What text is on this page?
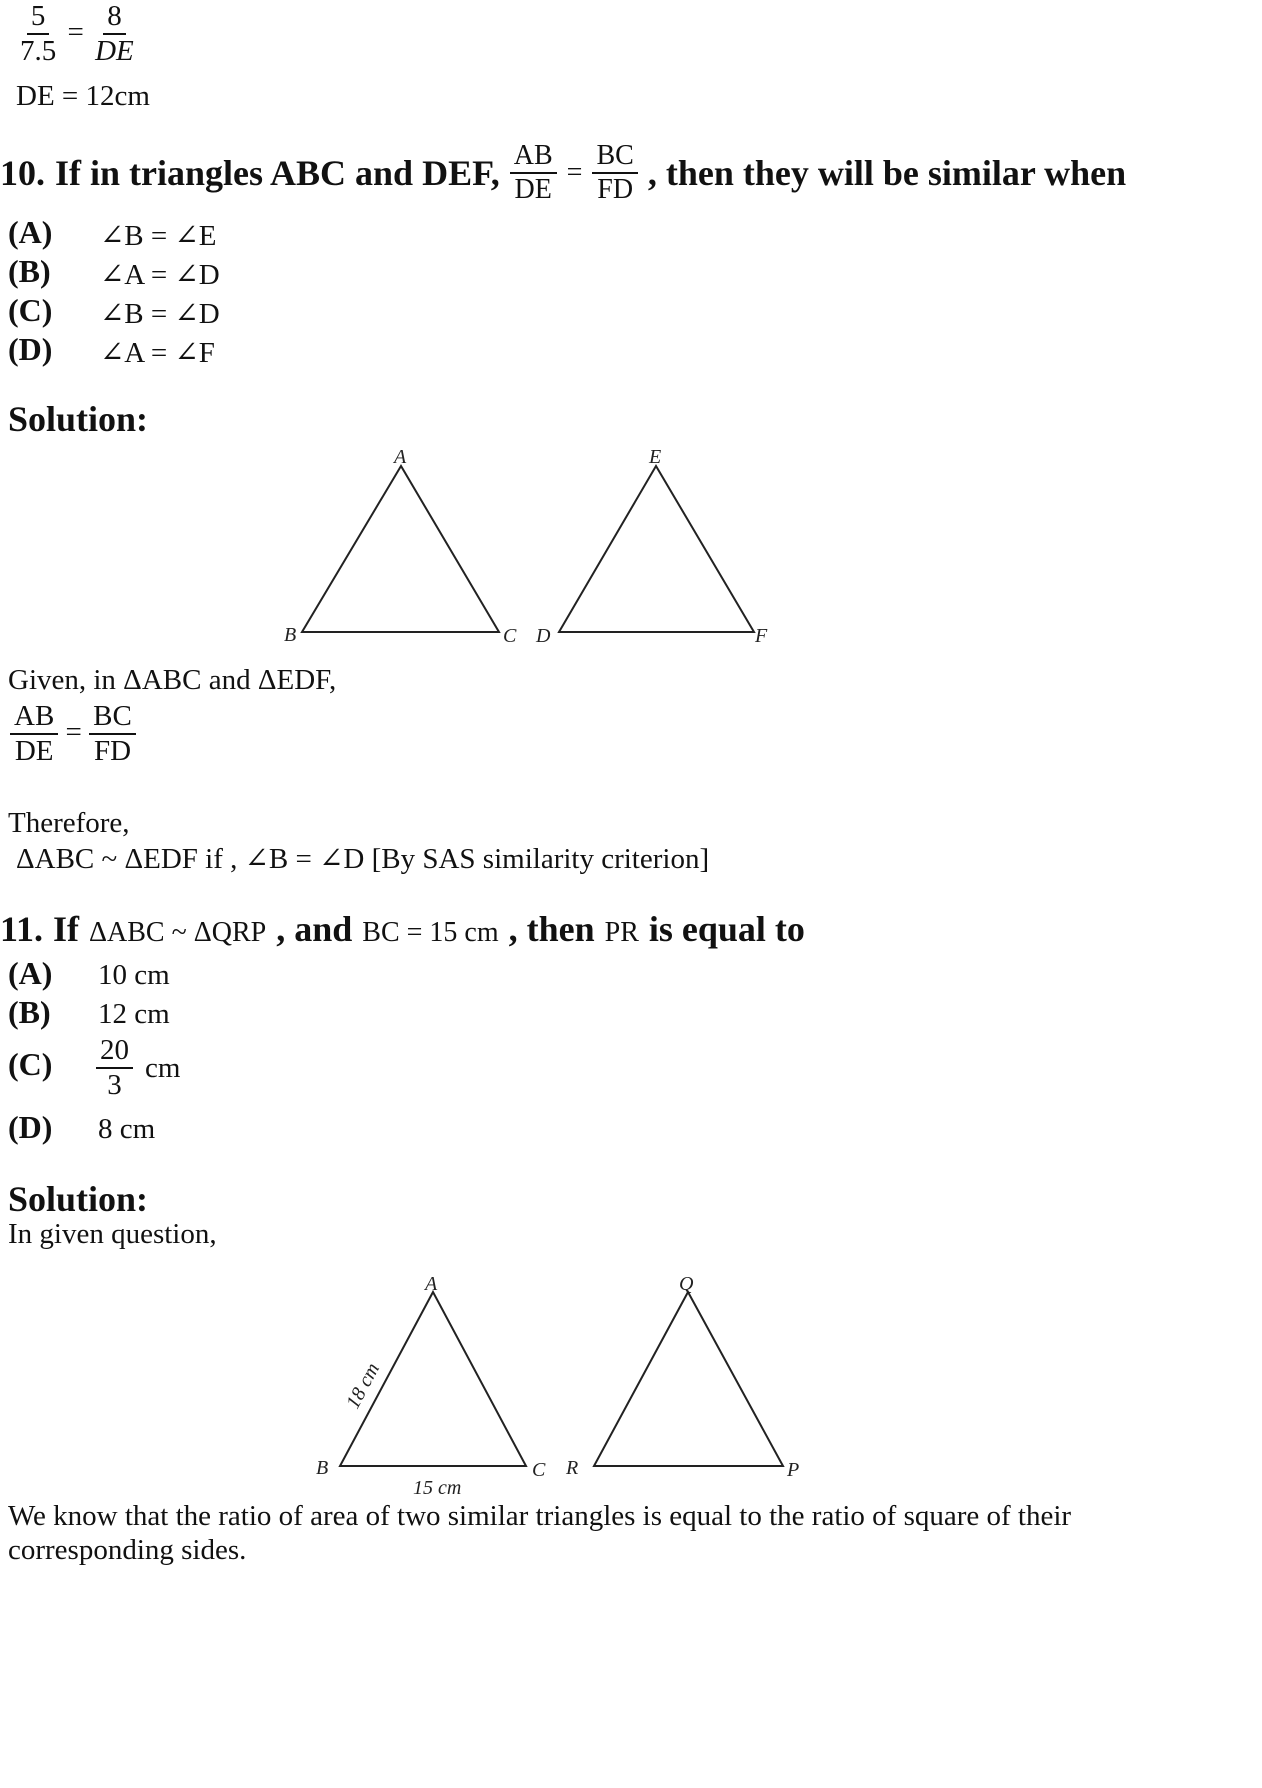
$\frac{5}{7.5} = \frac{8}{DE}$
DE = 12cm
10. If in triangles ABC and DEF, $\frac{AB}{DE} = \frac{BC}{FD}$ , then they will be similar when
(A) ∠B = ∠E
(B) ∠A = ∠D
(C) ∠B = ∠D
(D) ∠A = ∠F
Solution:
A
B	C D
E
F
Given, in ΔABC and ΔEDF,
$\frac{AB}{DE} = \frac{BC}{FD}$
Therefore,
ΔABC ~ ΔEDF if , ∠B = ∠D [By SAS similarity criterion]
11. If ΔABC ~ ΔQRP , and BC = 15 cm , then PR is equal to
(A) 10 cm
(B) 12 cm
$(C) \frac{20}{3}$ cm
(D) 8 cm
Solution:
In given question,
A
B	C
Q
R	P
18 cm
15 cm
We know that the ratio of area of two similar triangles is equal to the ratio of square of their
corresponding sides.
